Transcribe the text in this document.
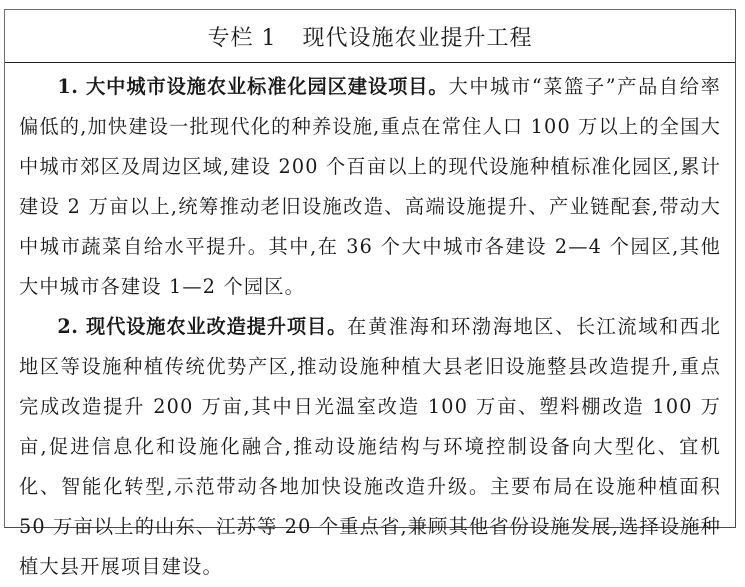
专栏 1 现代设施农业提升工程

1. 大中城市设施农业标准化园区建设项目。大中城市“菜篮子”产品自给率偏低的,加快建设一批现代化的种养设施,重点在常住人口 100 万以上的全国大中城市郊区及周边区域,建设 200 个百亩以上的现代设施种植标准化园区,累计建设 2 万亩以上,统筹推动老旧设施改造、高端设施提升、产业链配套,带动大中城市蔬菜自给水平提升。其中,在 36 个大中城市各建设 2—4 个园区,其他大中城市各建设 1—2 个园区。

2. 现代设施农业改造提升项目。在黄淮海和环渤海地区、长江流域和西北地区等设施种植传统优势产区,推动设施种植大县老旧设施整县改造提升,重点完成改造提升 200 万亩,其中日光温室改造 100 万亩、塑料棚改造 100 万亩,促进信息化和设施化融合,推动设施结构与环境控制设备向大型化、宜机化、智能化转型,示范带动各地加快设施改造升级。主要布局在设施种植面积 50 万亩以上的山东、江苏等 20 个重点省,兼顾其他省份设施发展,选择设施种植大县开展项目建设。
